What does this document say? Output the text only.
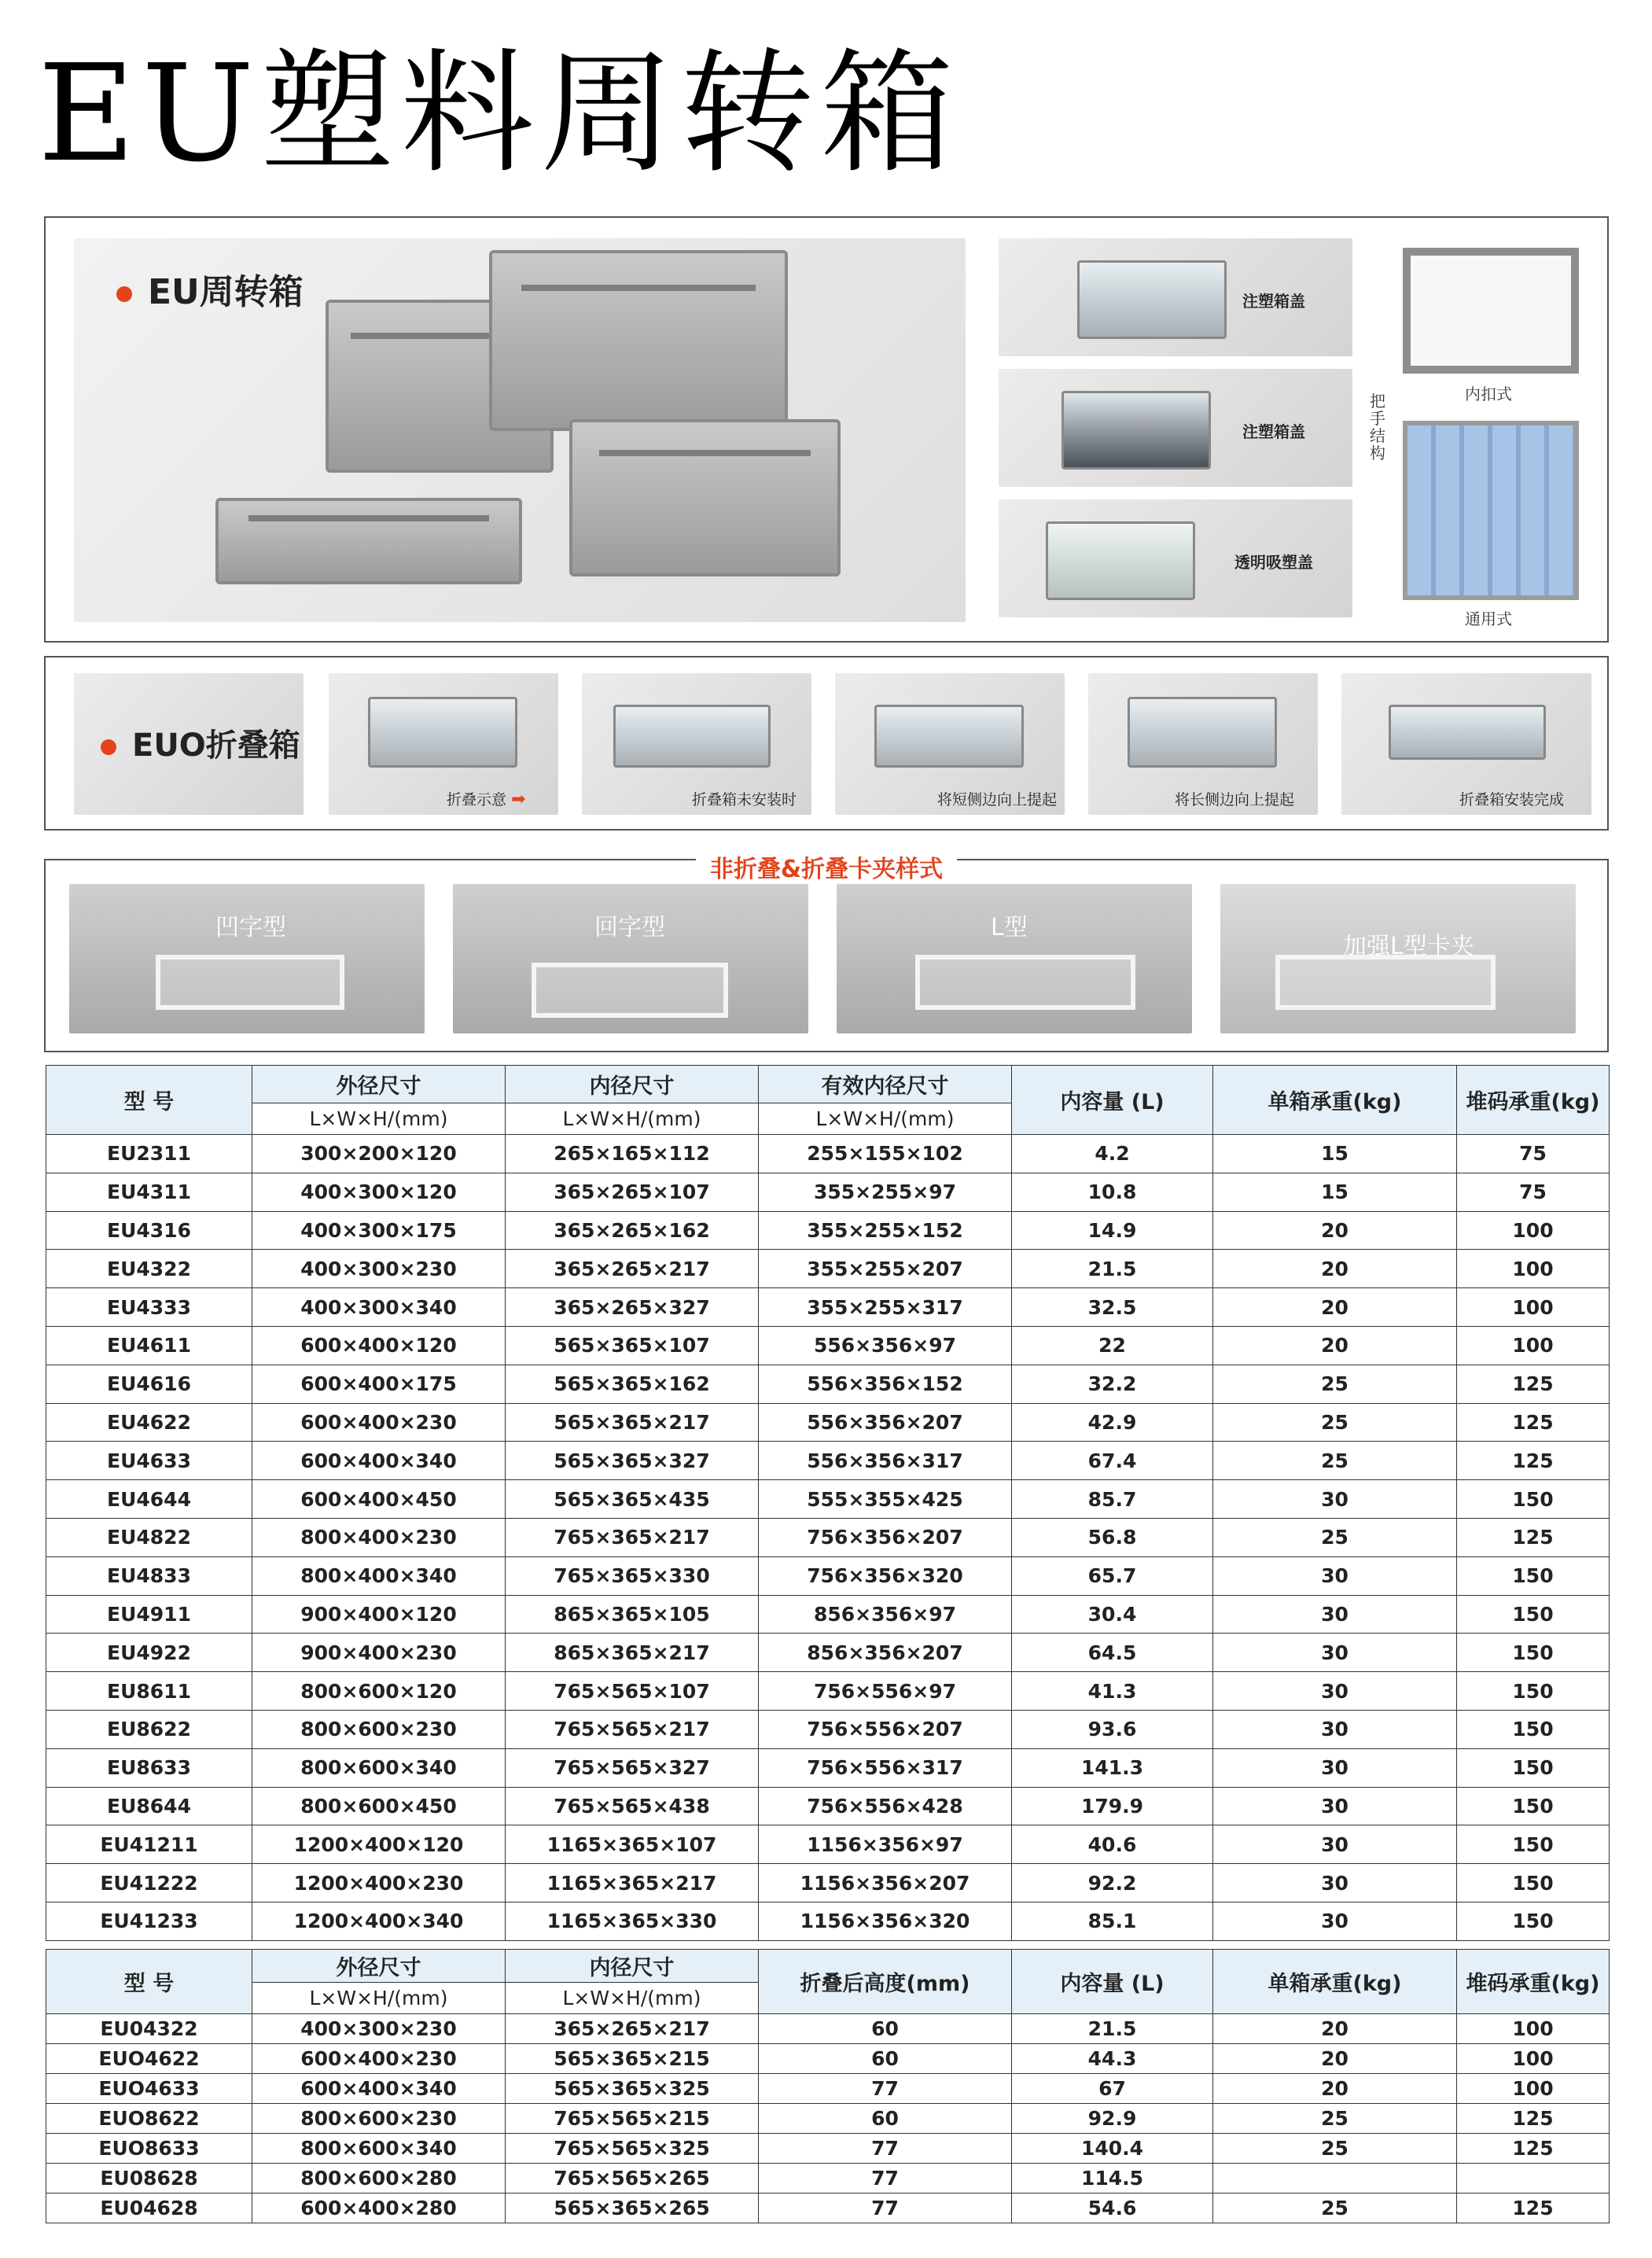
EU塑料周转箱
EU周转箱	注塑箱盖
注塑箱盖
透明吸塑盖
把手结构
内扣式
通用式
EUO折叠箱
折叠示意 ➡	折叠箱未安装时	将短侧边向上提起	将长侧边向上提起	折叠箱安装完成
非折叠&折叠卡夹样式
凹字型	回字型	L型
加强L型卡夹
型 号	外径尺寸	内径尺寸	有效内径尺寸	内容量 (L)	单箱承重(kg)	堆码承重(kg)
	L×W×H/(mm)	L×W×H/(mm)	L×W×H/(mm)			
EU2311	300×200×120	265×165×112	255×155×102	4.2	15	75
EU4311	400×300×120	365×265×107	355×255×97	10.8	15	75
EU4316	400×300×175	365×265×162	355×255×152	14.9	20	100
EU4322	400×300×230	365×265×217	355×255×207	21.5	20	100
EU4333	400×300×340	365×265×327	355×255×317	32.5	20	100
EU4611	600×400×120	565×365×107	556×356×97	22	20	100
EU4616	600×400×175	565×365×162	556×356×152	32.2	25	125
EU4622	600×400×230	565×365×217	556×356×207	42.9	25	125
EU4633	600×400×340	565×365×327	556×356×317	67.4	25	125
EU4644	600×400×450	565×365×435	555×355×425	85.7	30	150
EU4822	800×400×230	765×365×217	756×356×207	56.8	25	125
EU4833	800×400×340	765×365×330	756×356×320	65.7	30	150
EU4911	900×400×120	865×365×105	856×356×97	30.4	30	150
EU4922	900×400×230	865×365×217	856×356×207	64.5	30	150
EU8611	800×600×120	765×565×107	756×556×97	41.3	30	150
EU8622	800×600×230	765×565×217	756×556×207	93.6	30	150
EU8633	800×600×340	765×565×327	756×556×317	141.3	30	150
EU8644	800×600×450	765×565×438	756×556×428	179.9	30	150
EU41211	1200×400×120	1165×365×107	1156×356×97	40.6	30	150
EU41222	1200×400×230	1165×365×217	1156×356×207	92.2	30	150
EU41233	1200×400×340	1165×365×330	1156×356×320	85.1	30	150
型 号	外径尺寸	内径尺寸	折叠后高度(mm)	内容量 (L)	单箱承重(kg)	堆码承重(kg)
	L×W×H/(mm)	L×W×H/(mm)				
EU04322	400×300×230	365×265×217	60	21.5	20	100
EUO4622	600×400×230	565×365×215	60	44.3	20	100
EUO4633	600×400×340	565×365×325	77	67	20	100
EUO8622	800×600×230	765×565×215	60	92.9	25	125
EUO8633	800×600×340	765×565×325	77	140.4	25	125
EU08628	800×600×280	765×565×265	77	114.5		
EU04628	600×400×280	565×365×265	77	54.6	25	125
